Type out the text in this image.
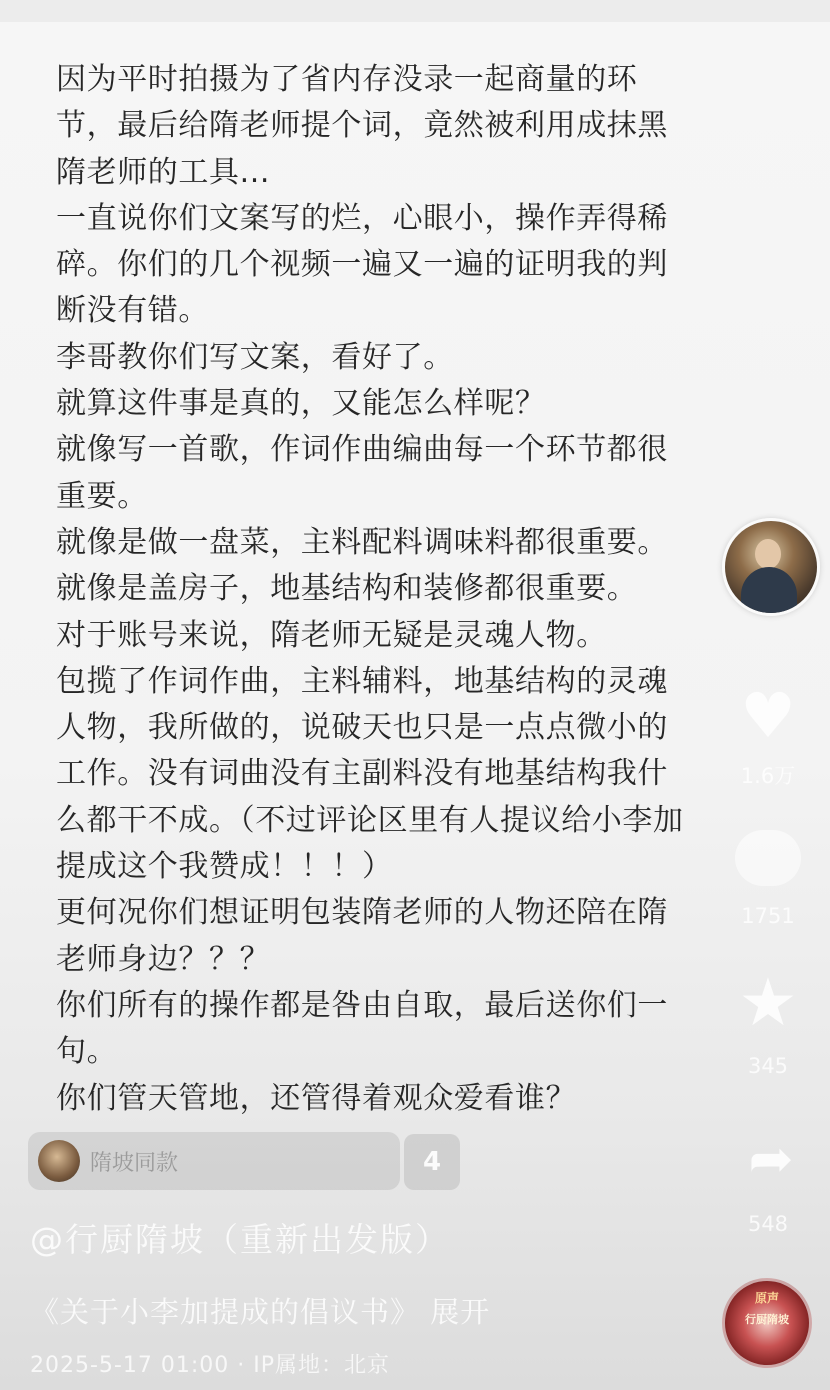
♥
1.6万
1751
★
345
➦
548
隋坡同款	4
@行厨隋坡（重新出发版）
《关于小李加提成的倡议书》 展开
2025-5-17 01:00 · IP属地：北京
原声
行厨隋坡
因为平时拍摄为了省内存没录一起商量的环
节，最后给隋老师提个词，竟然被利用成抹黑
隋老师的工具...
一直说你们文案写的烂，心眼小，操作弄得稀
碎。你们的几个视频一遍又一遍的证明我的判
断没有错。
李哥教你们写文案，看好了。
就算这件事是真的，又能怎么样呢？
就像写一首歌，作词作曲编曲每一个环节都很
重要。
就像是做一盘菜，主料配料调味料都很重要。
就像是盖房子，地基结构和装修都很重要。
对于账号来说，隋老师无疑是灵魂人物。
包揽了作词作曲，主料辅料，地基结构的灵魂
人物，我所做的，说破天也只是一点点微小的
工作。没有词曲没有主副料没有地基结构我什
么都干不成。（不过评论区里有人提议给小李加
提成这个我赞成！！！）
更何况你们想证明包装隋老师的人物还陪在隋
老师身边？？？
你们所有的操作都是咎由自取，最后送你们一
句。
你们管天管地，还管得着观众爱看谁？
